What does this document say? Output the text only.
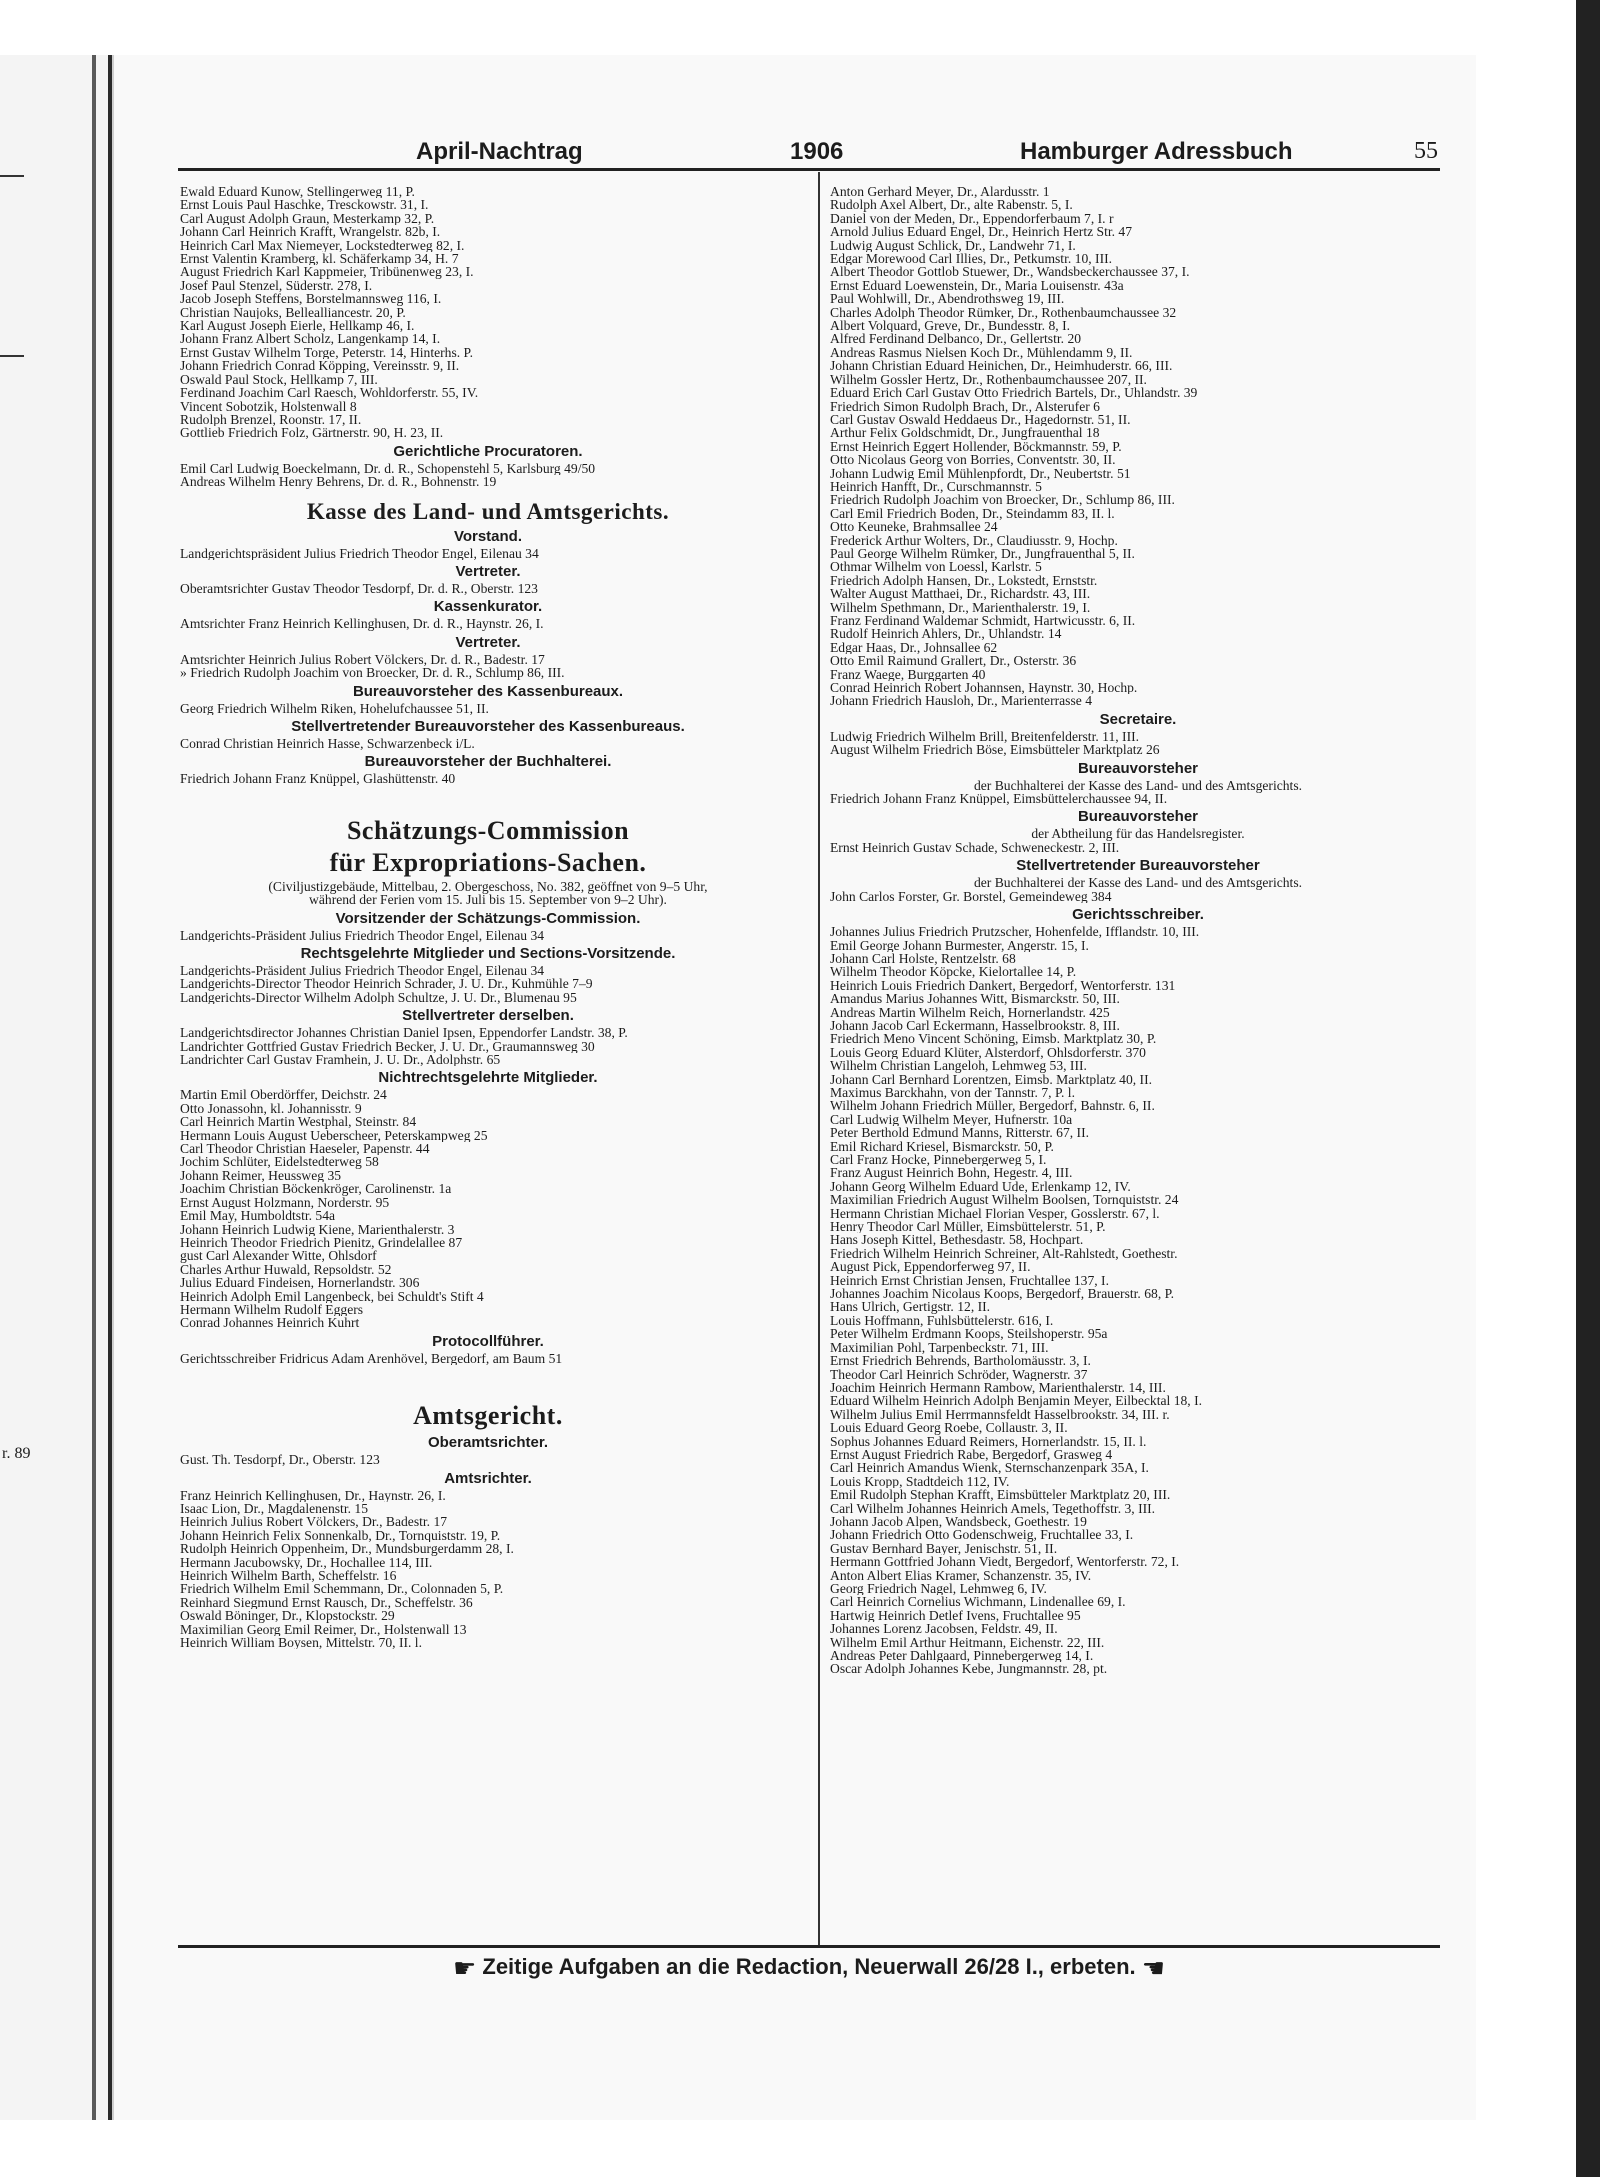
r. 89
April-Nachtrag	1906	Hamburger Adressbuch	55
Ewald Eduard Kunow, Stellingerweg 11, P.
Ernst Louis Paul Haschke, Tresckowstr. 31, I.
Carl August Adolph Graun, Mesterkamp 32, P.
Johann Carl Heinrich Krafft, Wrangelstr. 82b, I.
Heinrich Carl Max Niemeyer, Lockstedterweg 82, I.
Ernst Valentin Kramberg, kl. Schäferkamp 34, H. 7
August Friedrich Karl Kappmeier, Tribünenweg 23, I.
Josef Paul Stenzel, Süderstr. 278, I.
Jacob Joseph Steffens, Borstelmannsweg 116, I.
Christian Naujoks, Bellealliancestr. 20, P.
Karl August Joseph Eierle, Hellkamp 46, I.
Johann Franz Albert Scholz, Langenkamp 14, I.
Ernst Gustav Wilhelm Torge, Peterstr. 14, Hinterhs. P.
Johann Friedrich Conrad Köpping, Vereinsstr. 9, II.
Oswald Paul Stock, Hellkamp 7, III.
Ferdinand Joachim Carl Raesch, Wohldorferstr. 55, IV.
Vincent Sobotzik, Holstenwall 8
Rudolph Brenzel, Roonstr. 17, II.
Gottlieb Friedrich Folz, Gärtnerstr. 90, H. 23, II.
Gerichtliche Procuratoren.
Emil Carl Ludwig Boeckelmann, Dr. d. R., Schopenstehl 5, Karlsburg 49/50
Andreas Wilhelm Henry Behrens, Dr. d. R., Bohnenstr. 19
Kasse des Land- und Amtsgerichts.
Vorstand.
Landgerichtspräsident Julius Friedrich Theodor Engel, Eilenau 34
Vertreter.
Oberamtsrichter Gustav Theodor Tesdorpf, Dr. d. R., Oberstr. 123
Kassenkurator.
Amtsrichter Franz Heinrich Kellinghusen, Dr. d. R., Haynstr. 26, I.
Vertreter.
Amtsrichter Heinrich Julius Robert Völckers, Dr. d. R., Badestr. 17
» Friedrich Rudolph Joachim von Broecker, Dr. d. R., Schlump 86, III.
Bureauvorsteher des Kassenbureaux.
Georg Friedrich Wilhelm Riken, Hohelufchaussee 51, II.
Stellvertretender Bureauvorsteher des Kassenbureaus.
Conrad Christian Heinrich Hasse, Schwarzenbeck i/L.
Bureauvorsteher der Buchhalterei.
Friedrich Johann Franz Knüppel, Glashüttenstr. 40
Schätzungs-Commission
für Expropriations-Sachen.
(Civiljustizgebäude, Mittelbau, 2. Obergeschoss, No. 382, geöffnet von 9–5 Uhr,
während der Ferien vom 15. Juli bis 15. September von 9–2 Uhr).
Vorsitzender der Schätzungs-Commission.
Landgerichts-Präsident Julius Friedrich Theodor Engel, Eilenau 34
Rechtsgelehrte Mitglieder und Sections-Vorsitzende.
Landgerichts-Präsident Julius Friedrich Theodor Engel, Eilenau 34
Landgerichts-Director Theodor Heinrich Schrader, J. U. Dr., Kuhmühle 7–9
Landgerichts-Director Wilhelm Adolph Schultze, J. U. Dr., Blumenau 95
Stellvertreter derselben.
Landgerichtsdirector Johannes Christian Daniel Ipsen, Eppendorfer Landstr. 38, P.
Landrichter Gottfried Gustav Friedrich Becker, J. U. Dr., Graumannsweg 30
Landrichter Carl Gustav Framhein, J. U. Dr., Adolphstr. 65
Nichtrechtsgelehrte Mitglieder.
Martin Emil Oberdörffer, Deichstr. 24
Otto Jonassohn, kl. Johannisstr. 9
Carl Heinrich Martin Westphal, Steinstr. 84
Hermann Louis August Ueberscheer, Peterskampweg 25
Carl Theodor Christian Haeseler, Papenstr. 44
Jochim Schlüter, Eidelstedterweg 58
Johann Reimer, Heussweg 35
Joachim Christian Böckenkröger, Carolinenstr. 1a
Ernst August Holzmann, Norderstr. 95
Emil May, Humboldtstr. 54a
Johann Heinrich Ludwig Kiene, Marienthalerstr. 3
Heinrich Theodor Friedrich Pienitz, Grindelallee 87
gust Carl Alexander Witte, Ohlsdorf
Charles Arthur Huwald, Repsoldstr. 52
Julius Eduard Findeisen, Hornerlandstr. 306
Heinrich Adolph Emil Langenbeck, bei Schuldt's Stift 4
Hermann Wilhelm Rudolf Eggers
Conrad Johannes Heinrich Kuhrt
Protocollführer.
Gerichtsschreiber Fridricus Adam Arenhövel, Bergedorf, am Baum 51
Amtsgericht.
Oberamtsrichter.
Gust. Th. Tesdorpf, Dr., Oberstr. 123
Amtsrichter.
Franz Heinrich Kellinghusen, Dr., Haynstr. 26, I.
Isaac Lion, Dr., Magdalenenstr. 15
Heinrich Julius Robert Völckers, Dr., Badestr. 17
Johann Heinrich Felix Sonnenkalb, Dr., Tornquiststr. 19, P.
Rudolph Heinrich Oppenheim, Dr., Mundsburgerdamm 28, I.
Hermann Jacubowsky, Dr., Hochallee 114, III.
Heinrich Wilhelm Barth, Scheffelstr. 16
Friedrich Wilhelm Emil Schemmann, Dr., Colonnaden 5, P.
Reinhard Siegmund Ernst Rausch, Dr., Scheffelstr. 36
Oswald Böninger, Dr., Klopstockstr. 29
Maximilian Georg Emil Reimer, Dr., Holstenwall 13
Heinrich William Boysen, Mittelstr. 70, II. l.
Anton Gerhard Meyer, Dr., Alardusstr. 1
Rudolph Axel Albert, Dr., alte Rabenstr. 5, I.
Daniel von der Meden, Dr., Eppendorferbaum 7, I. r
Arnold Julius Eduard Engel, Dr., Heinrich Hertz Str. 47
Ludwig August Schlick, Dr., Landwehr 71, I.
Edgar Morewood Carl Illies, Dr., Petkumstr. 10, III.
Albert Theodor Gottlob Stuewer, Dr., Wandsbeckerchaussee 37, I.
Ernst Eduard Loewenstein, Dr., Maria Louisenstr. 43a
Paul Wohlwill, Dr., Abendrothsweg 19, III.
Charles Adolph Theodor Rümker, Dr., Rothenbaumchaussee 32
Albert Volquard, Greve, Dr., Bundesstr. 8, I.
Alfred Ferdinand Delbanco, Dr., Gellertstr. 20
Andreas Rasmus Nielsen Koch Dr., Mühlendamm 9, II.
Johann Christian Eduard Heinichen, Dr., Heimhuderstr. 66, III.
Wilhelm Gossler Hertz, Dr., Rothenbaumchaussee 207, II.
Eduard Erich Carl Gustav Otto Friedrich Bartels, Dr., Uhlandstr. 39
Friedrich Simon Rudolph Brach, Dr., Alsterufer 6
Carl Gustav Oswald Heddaeus Dr., Hagedornstr. 51, II.
Arthur Felix Goldschmidt, Dr., Jungfrauenthal 18
Ernst Heinrich Eggert Hollender, Böckmannstr. 59, P.
Otto Nicolaus Georg von Borries, Conventstr. 30, II.
Johann Ludwig Emil Mühlenpfordt, Dr., Neubertstr. 51
Heinrich Hanfft, Dr., Curschmannstr. 5
Friedrich Rudolph Joachim von Broecker, Dr., Schlump 86, III.
Carl Emil Friedrich Boden, Dr., Steindamm 83, II. l.
Otto Keuneke, Brahmsallee 24
Frederick Arthur Wolters, Dr., Claudiusstr. 9, Hochp.
Paul George Wilhelm Rümker, Dr., Jungfrauenthal 5, II.
Othmar Wilhelm von Loessl, Karlstr. 5
Friedrich Adolph Hansen, Dr., Lokstedt, Ernststr.
Walter August Matthaei, Dr., Richardstr. 43, III.
Wilhelm Spethmann, Dr., Marienthalerstr. 19, I.
Franz Ferdinand Waldemar Schmidt, Hartwicusstr. 6, II.
Rudolf Heinrich Ahlers, Dr., Uhlandstr. 14
Edgar Haas, Dr., Johnsallee 62
Otto Emil Raimund Grallert, Dr., Osterstr. 36
Franz Waege, Burggarten 40
Conrad Heinrich Robert Johannsen, Haynstr. 30, Hochp.
Johann Friedrich Hausloh, Dr., Marienterrasse 4
Secretaire.
Ludwig Friedrich Wilhelm Brill, Breitenfelderstr. 11, III.
August Wilhelm Friedrich Böse, Eimsbütteler Marktplatz 26
Bureauvorsteher
der Buchhalterei der Kasse des Land- und des Amtsgerichts.
Friedrich Johann Franz Knüppel, Eimsbüttelerchaussee 94, II.
Bureauvorsteher
der Abtheilung für das Handelsregister.
Ernst Heinrich Gustav Schade, Schweneckestr. 2, III.
Stellvertretender Bureauvorsteher
der Buchhalterei der Kasse des Land- und des Amtsgerichts.
John Carlos Forster, Gr. Borstel, Gemeindeweg 384
Gerichtsschreiber.
Johannes Julius Friedrich Prutzscher, Hohenfelde, Ifflandstr. 10, III.
Emil George Johann Burmester, Angerstr. 15, I.
Johann Carl Holste, Rentzelstr. 68
Wilhelm Theodor Köpcke, Kielortallee 14, P.
Heinrich Louis Friedrich Dankert, Bergedorf, Wentorferstr. 131
Amandus Marius Johannes Witt, Bismarckstr. 50, III.
Andreas Martin Wilhelm Reich, Hornerlandstr. 425
Johann Jacob Carl Eckermann, Hasselbrookstr. 8, III.
Friedrich Meno Vincent Schöning, Eimsb. Marktplatz 30, P.
Louis Georg Eduard Klüter, Alsterdorf, Ohlsdorferstr. 370
Wilhelm Christian Langeloh, Lehmweg 53, III.
Johann Carl Bernhard Lorentzen, Eimsb. Marktplatz 40, II.
Maximus Barckhahn, von der Tannstr. 7, P. l.
Wilhelm Johann Friedrich Müller, Bergedorf, Bahnstr. 6, II.
Carl Ludwig Wilhelm Meyer, Hufnerstr. 10a
Peter Berthold Edmund Manns, Ritterstr. 67, II.
Emil Richard Kriesel, Bismarckstr. 50, P.
Carl Franz Hocke, Pinnebergerweg 5, I.
Franz August Heinrich Bohn, Hegestr. 4, III.
Johann Georg Wilhelm Eduard Ude, Erlenkamp 12, IV.
Maximilian Friedrich August Wilhelm Boolsen, Tornquiststr. 24
Hermann Christian Michael Florian Vesper, Gosslerstr. 67, l.
Henry Theodor Carl Müller, Eimsbüttelerstr. 51, P.
Hans Joseph Kittel, Bethesdastr. 58, Hochpart.
Friedrich Wilhelm Heinrich Schreiner, Alt-Rahlstedt, Goethestr.
August Pick, Eppendorferweg 97, II.
Heinrich Ernst Christian Jensen, Fruchtallee 137, I.
Johannes Joachim Nicolaus Koops, Bergedorf, Brauerstr. 68, P.
Hans Ulrich, Gertigstr. 12, II.
Louis Hoffmann, Fuhlsbüttelerstr. 616, I.
Peter Wilhelm Erdmann Koops, Steilshoperstr. 95a
Maximilian Pohl, Tarpenbeckstr. 71, III.
Ernst Friedrich Behrends, Bartholomäusstr. 3, I.
Theodor Carl Heinrich Schröder, Wagnerstr. 37
Joachim Heinrich Hermann Rambow, Marienthalerstr. 14, III.
Eduard Wilhelm Heinrich Adolph Benjamin Meyer, Eilbecktal 18, I.
Wilhelm Julius Emil Herrmannsfeldt Hasselbrookstr. 34, III. r.
Louis Eduard Georg Roebe, Collaustr. 3, II.
Sophus Johannes Eduard Reimers, Hornerlandstr. 15, II. l.
Ernst August Friedrich Rabe, Bergedorf, Grasweg 4
Carl Heinrich Amandus Wienk, Sternschanzenpark 35A, I.
Louis Kropp, Stadtdeich 112, IV.
Emil Rudolph Stephan Krafft, Eimsbütteler Marktplatz 20, III.
Carl Wilhelm Johannes Heinrich Amels, Tegethoffstr. 3, III.
Johann Jacob Alpen, Wandsbeck, Goethestr. 19
Johann Friedrich Otto Godenschweig, Fruchtallee 33, I.
Gustav Bernhard Bayer, Jenischstr. 51, II.
Hermann Gottfried Johann Viedt, Bergedorf, Wentorferstr. 72, I.
Anton Albert Elias Kramer, Schanzenstr. 35, IV.
Georg Friedrich Nagel, Lehmweg 6, IV.
Carl Heinrich Cornelius Wichmann, Lindenallee 69, I.
Hartwig Heinrich Detlef Ivens, Fruchtallee 95
Johannes Lorenz Jacobsen, Feldstr. 49, II.
Wilhelm Emil Arthur Heitmann, Eichenstr. 22, III.
Andreas Peter Dahlgaard, Pinnebergerweg 14, I.
Oscar Adolph Johannes Kebe, Jungmannstr. 28, pt.
☛ Zeitige Aufgaben an die Redaction, Neuerwall 26/28 I., erbeten. ☚
